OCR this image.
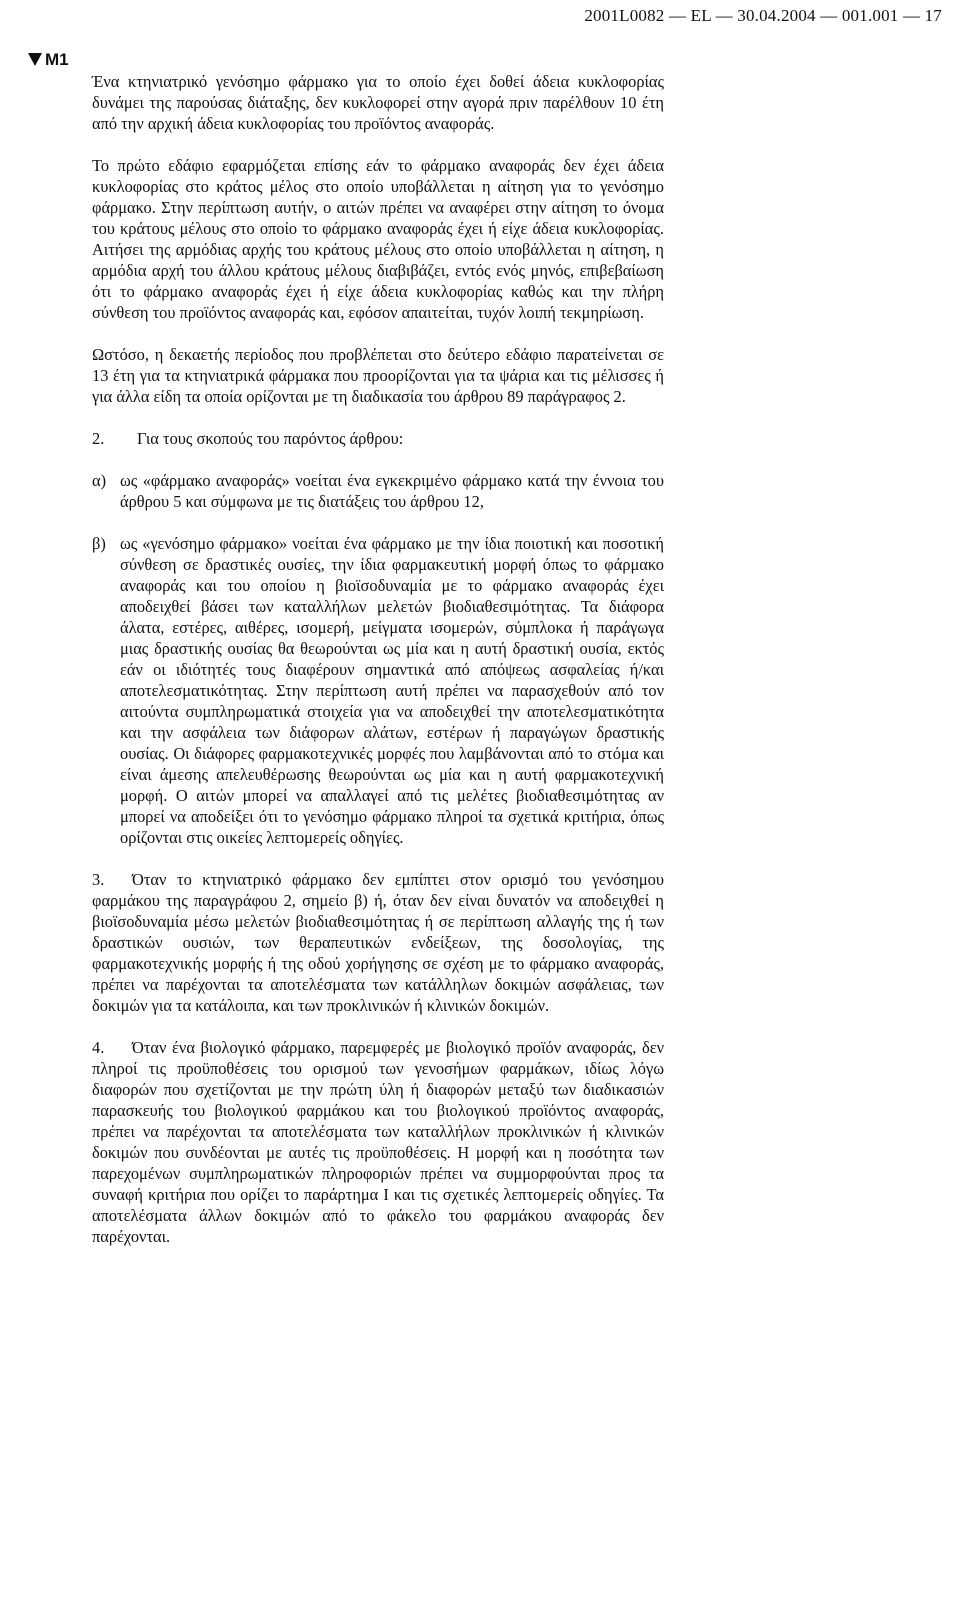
2001L0082 — EL — 30.04.2004 — 001.001 — 17
M1

Ένα κτηνιατρικό γενόσημο φάρμακο για το οποίο έχει δοθεί άδεια κυκλοφορίας δυνάμει της παρούσας διάταξης, δεν κυκλοφορεί στην αγορά πριν παρέλθουν 10 έτη από την αρχική άδεια κυκλοφορίας του προϊόντος αναφοράς.

Το πρώτο εδάφιο εφαρμόζεται επίσης εάν το φάρμακο αναφοράς δεν έχει άδεια κυκλοφορίας στο κράτος μέλος στο οποίο υποβάλλεται η αίτηση για το γενόσημο φάρμακο. Στην περίπτωση αυτήν, ο αιτών πρέπει να αναφέρει στην αίτηση το όνομα του κράτους μέλους στο οποίο το φάρμακο αναφοράς έχει ή είχε άδεια κυκλοφορίας. Αιτήσει της αρμόδιας αρχής του κράτους μέλους στο οποίο υποβάλλεται η αίτηση, η αρμόδια αρχή του άλλου κράτους μέλους διαβιβάζει, εντός ενός μηνός, επιβεβαίωση ότι το φάρμακο αναφοράς έχει ή είχε άδεια κυκλοφορίας καθώς και την πλήρη σύνθεση του προϊόντος αναφοράς και, εφόσον απαιτείται, τυχόν λοιπή τεκμηρίωση.

Ωστόσο, η δεκαετής περίοδος που προβλέπεται στο δεύτερο εδάφιο παρατείνεται σε 13 έτη για τα κτηνιατρικά φάρμακα που προορίζονται για τα ψάρια και τις μέλισσες ή για άλλα είδη τα οποία ορίζονται με τη διαδικασία του άρθρου 89 παράγραφος 2.

2.	Για τους σκοπούς του παρόντος άρθρου:

α) ως «φάρμακο αναφοράς» νοείται ένα εγκεκριμένο φάρμακο κατά την έννοια του άρθρου 5 και σύμφωνα με τις διατάξεις του άρθρου 12,
β) ως «γενόσημο φάρμακο» νοείται ένα φάρμακο με την ίδια ποιοτική και ποσοτική σύνθεση σε δραστικές ουσίες, την ίδια φαρμακευτική μορφή όπως το φάρμακο αναφοράς και του οποίου η βιοϊσοδυναμία με το φάρμακο αναφοράς έχει αποδειχθεί βάσει των καταλλήλων μελετών βιοδιαθεσιμότητας. Τα διάφορα άλατα, εστέρες, αιθέρες, ισομερή, μείγματα ισομερών, σύμπλοκα ή παράγωγα μιας δραστικής ουσίας θα θεωρούνται ως μία και η αυτή δραστική ουσία, εκτός εάν οι ιδιότητές τους διαφέρουν σημαντικά από απόψεως ασφαλείας ή/και αποτελεσματικότητας. Στην περίπτωση αυτή πρέπει να παρασχεθούν από τον αιτούντα συμπληρωματικά στοιχεία για να αποδειχθεί την αποτελεσματικότητα και την ασφάλεια των διάφορων αλάτων, εστέρων ή παραγώγων δραστικής ουσίας. Οι διάφορες φαρμακοτεχνικές μορφές που λαμβάνονται από το στόμα και είναι άμεσης απελευθέρωσης θεωρούνται ως μία και η αυτή φαρμακοτεχνική μορφή. Ο αιτών μπορεί να απαλλαγεί από τις μελέτες βιοδιαθεσιμότητας αν μπορεί να αποδείξει ότι το γενόσημο φάρμακο πληροί τα σχετικά κριτήρια, όπως ορίζονται στις οικείες λεπτομερείς οδηγίες.

3. Όταν το κτηνιατρικό φάρμακο δεν εμπίπτει στον ορισμό του γενόσημου φαρμάκου της παραγράφου 2, σημείο β) ή, όταν δεν είναι δυνατόν να αποδειχθεί η βιοϊσοδυναμία μέσω μελετών βιοδιαθεσιμότητας ή σε περίπτωση αλλαγής της ή των δραστικών ουσιών, των θεραπευτικών ενδείξεων, της δοσολογίας, της φαρμακοτεχνικής μορφής ή της οδού χορήγησης σε σχέση με το φάρμακο αναφοράς, πρέπει να παρέχονται τα αποτελέσματα των κατάλληλων δοκιμών ασφάλειας, των δοκιμών για τα κατάλοιπα, και των προκλινικών ή κλινικών δοκιμών.

4. Όταν ένα βιολογικό φάρμακο, παρεμφερές με βιολογικό προϊόν αναφοράς, δεν πληροί τις προϋποθέσεις του ορισμού των γενοσήμων φαρμάκων, ιδίως λόγω διαφορών που σχετίζονται με την πρώτη ύλη ή διαφορών μεταξύ των διαδικασιών παρασκευής του βιολογικού φαρμάκου και του βιολογικού προϊόντος αναφοράς, πρέπει να παρέχονται τα αποτελέσματα των καταλλήλων προκλινικών ή κλινικών δοκιμών που συνδέονται με αυτές τις προϋποθέσεις. Η μορφή και η ποσότητα των παρεχομένων συμπληρωματικών πληροφοριών πρέπει να συμμορφούνται προς τα συναφή κριτήρια που ορίζει το παράρτημα I και τις σχετικές λεπτομερείς οδηγίες. Τα αποτελέσματα άλλων δοκιμών από το φάκελο του φαρμάκου αναφοράς δεν παρέχονται.
